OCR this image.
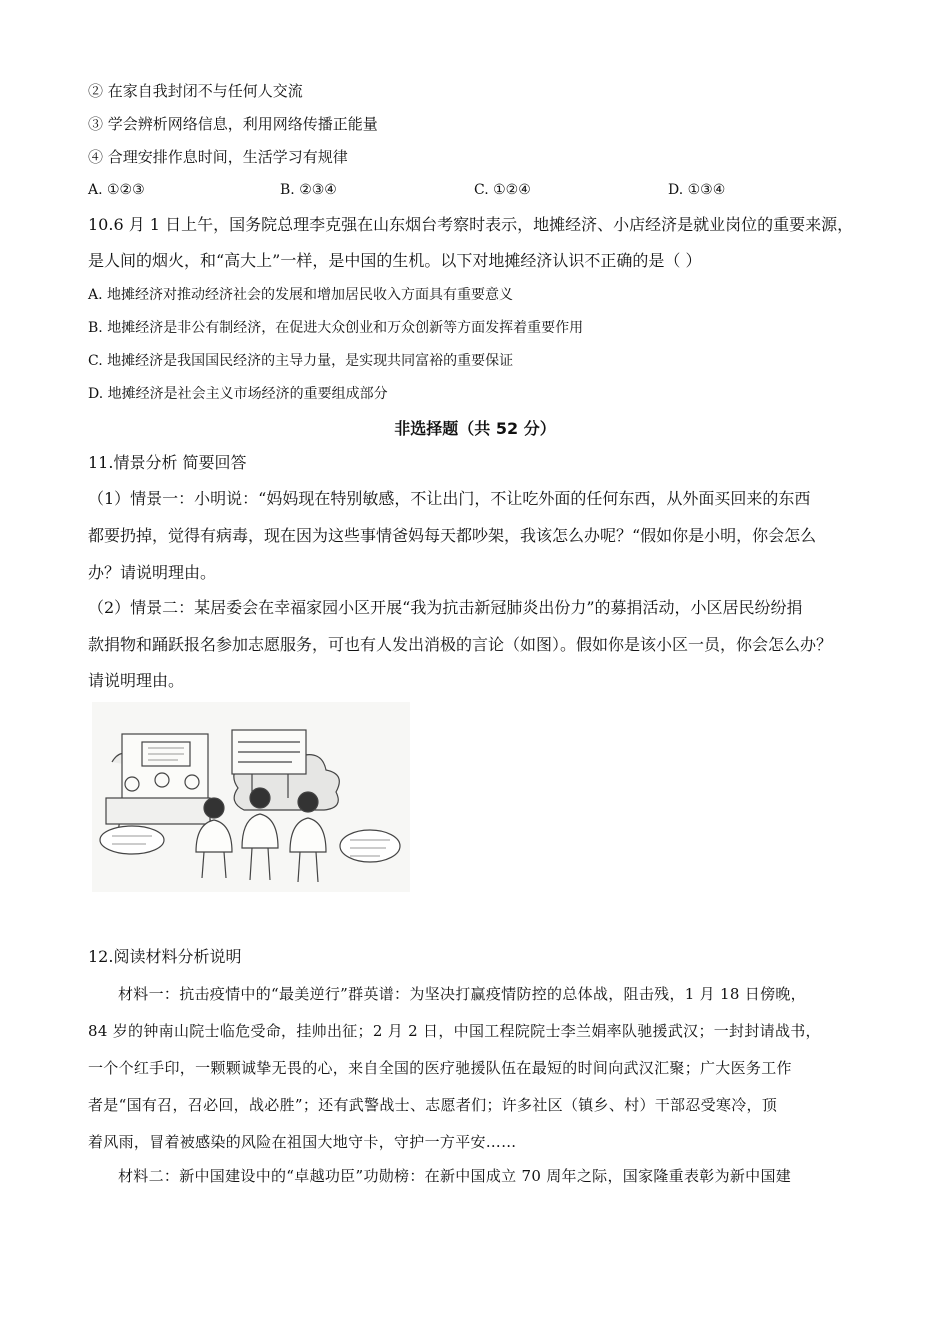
② 在家自我封闭不与任何人交流
③ 学会辨析网络信息，利用网络传播正能量
④ 合理安排作息时间，生活学习有规律
A. ①②③	B. ②③④	C. ①②④	D. ①③④
10.6 月 1 日上午，国务院总理李克强在山东烟台考察时表示，地摊经济、小店经济是就业岗位的重要来源，
是人间的烟火，和“高大上”一样，是中国的生机。以下对地摊经济认识不正确的是（ ）
A. 地摊经济对推动经济社会的发展和增加居民收入方面具有重要意义
B. 地摊经济是非公有制经济，在促进大众创业和万众创新等方面发挥着重要作用
C. 地摊经济是我国国民经济的主导力量，是实现共同富裕的重要保证
D. 地摊经济是社会主义市场经济的重要组成部分
非选择题（共 52 分）
11.情景分析 简要回答
（1）情景一：小明说：“妈妈现在特别敏感，不让出门，不让吃外面的任何东西，从外面买回来的东西
都要扔掉，觉得有病毒，现在因为这些事情爸妈每天都吵架，我该怎么办呢？“假如你是小明，你会怎么
办？请说明理由。
（2）情景二：某居委会在幸福家园小区开展“我为抗击新冠肺炎出份力”的募捐活动，小区居民纷纷捐
款捐物和踊跃报名参加志愿服务，可也有人发出消极的言论（如图）。假如你是该小区一员，你会怎么办？
请说明理由。
12.阅读材料分析说明
材料一：抗击疫情中的“最美逆行”群英谱：为坚决打赢疫情防控的总体战，阻击残，1 月 18 日傍晚，
84 岁的钟南山院士临危受命，挂帅出征；2 月 2 日，中国工程院院士李兰娟率队驰援武汉；一封封请战书，
一个个红手印，一颗颗诚挚无畏的心，来自全国的医疗驰援队伍在最短的时间向武汉汇聚；广大医务工作
者是“国有召，召必回，战必胜”；还有武警战士、志愿者们；许多社区（镇乡、村）干部忍受寒冷，顶
着风雨，冒着被感染的风险在祖国大地守卡，守护一方平安……
材料二：新中国建设中的“卓越功臣”功勋榜：在新中国成立 70 周年之际，国家隆重表彰为新中国建
